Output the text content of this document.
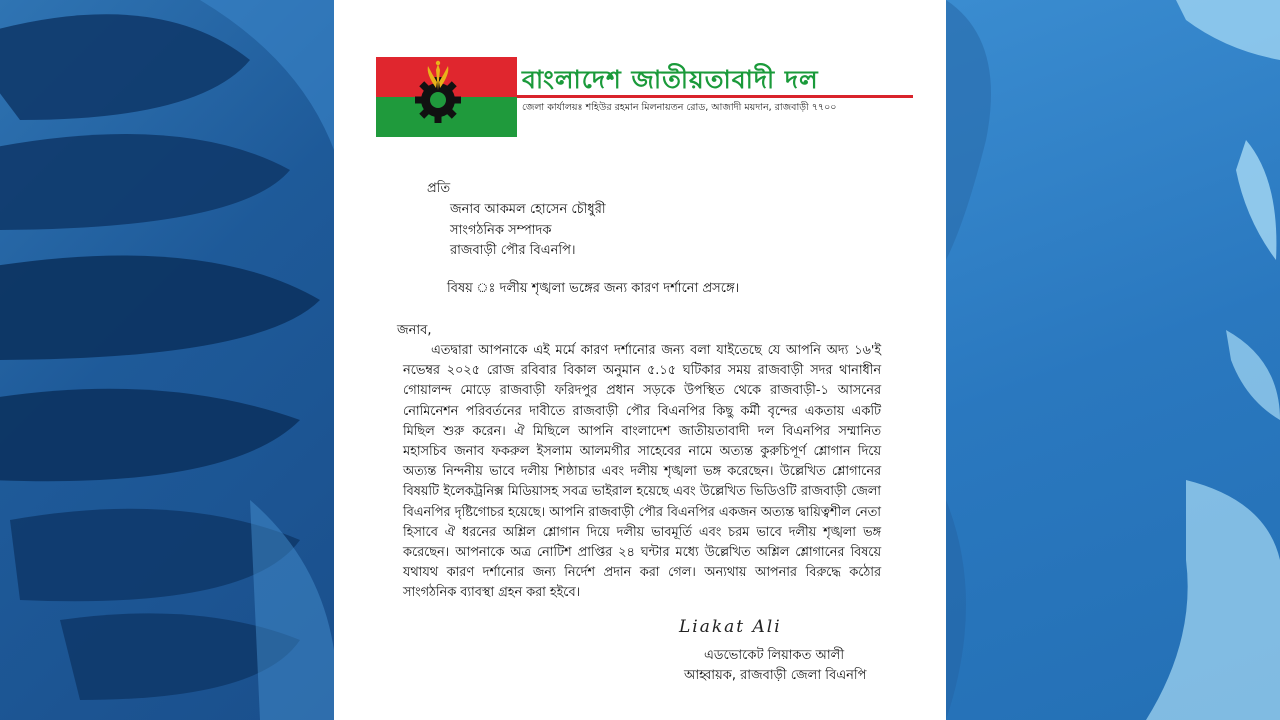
বাংলাদেশ জাতীয়তাবাদী দল
জেলা কার্যালয়ঃ শহিউর রহমান মিলনায়তন রোড, আজাদী ময়দান, রাজবাড়ী ৭৭০০
প্রতি
জনাব আকমল হোসেন চৌধুরী
সাংগঠনিক সম্পাদক
রাজবাড়ী পৌর বিএনপি।
বিষয় ঃ দলীয় শৃঙ্খলা ভঙ্গের জন্য কারণ দর্শানো প্রসঙ্গে।
জনাব,
এতদ্বারা আপনাকে এই মর্মে কারণ দর্শানোর জন্য বলা যাইতেছে যে আপনি অদ্য ১৬'ই নভেম্বর ২০২৫ রোজ রবিবার বিকাল অনুমান ৫.১৫ ঘটিকার সময় রাজবাড়ী সদর থানাধীন গোয়ালন্দ মোড়ে রাজবাড়ী ফরিদপুর প্রধান সড়কে উপস্থিত থেকে রাজবাড়ী-১ আসনের নোমিনেশন পরিবর্তনের দাবীতে রাজবাড়ী পৌর বিএনপির কিছু কর্মী বৃন্দের একতায় একটি মিছিল শুরু করেন। ঐ মিছিলে আপনি বাংলাদেশ জাতীয়তাবাদী দল বিএনপির সম্মানিত মহাসচিব জনাব ফকরুল ইসলাম আলমগীর সাহেবের নামে অত্যন্ত কুরুচিপূর্ণ শ্লোগান দিয়ে অত্যন্ত নিন্দনীয় ভাবে দলীয় শিষ্ঠাচার এবং দলীয় শৃঙ্খলা ভঙ্গ করেছেন। উল্লেখিত শ্লোগানের বিষয়টি ইলেকট্রনিক্স মিডিয়াসহ সবত্র ভাইরাল হয়েছে এবং উল্লেখিত ভিডিওটি রাজবাড়ী জেলা বিএনপির দৃষ্টিগোচর হয়েছে। আপনি রাজবাড়ী পৌর বিএনপির একজন অত্যন্ত দ্বায়িত্বশীল নেতা হিসাবে ঐ ধরনের অশ্লিল শ্লোগান দিয়ে দলীয় ভাবমূর্তি এবং চরম ভাবে দলীয় শৃঙ্খলা ভঙ্গ করেছেন। আপনাকে অত্র নোটিশ প্রাপ্তির ২৪ ঘন্টার মধ্যে উল্লেখিত অশ্লিল শ্লোগানের বিষয়ে যথাযথ কারণ দর্শানোর জন্য নির্দেশ প্রদান করা গেল। অন্যথায় আপনার বিরুদ্ধে কঠোর সাংগঠনিক ব্যাবস্থা গ্রহন করা হইবে।
Liakat Ali
এডভোকেট লিয়াকত আলী
আহ্বায়ক, রাজবাড়ী জেলা বিএনপি
